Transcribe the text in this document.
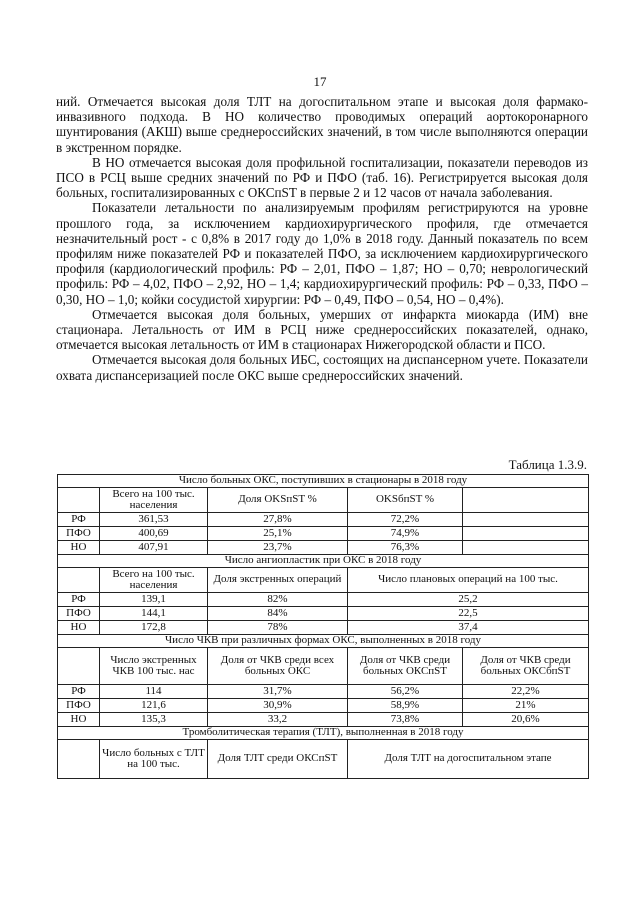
17

ний. Отмечается высокая доля ТЛТ на догоспитальном этапе и высокая доля фармако-инвазивного подхода. В НО количество проводимых операций аортокоронарного шунтирования (АКШ) выше среднероссийских значений, в том числе выполняются операции в экстренном порядке.

В НО отмечается высокая доля профильной госпитализации, показатели переводов из ПСО в РСЦ выше средних значений по РФ и ПФО (таб. 16). Регистрируется высокая доля больных, госпитализированных с ОКСпST в первые 2 и 12 часов от начала заболевания.

Показатели летальности по анализируемым профилям регистрируются на уровне прошлого года, за исключением кардиохирургического профиля, где отмечается незначительный рост - с 0,8% в 2017 году до 1,0% в 2018 году. Данный показатель по всем профилям ниже показателей РФ и показателей ПФО, за исключением кардиохирургического профиля (кардиологический профиль: РФ – 2,01, ПФО – 1,87; НО – 0,70; неврологический профиль: РФ – 4,02, ПФО – 2,92, НО – 1,4; кардиохирургический профиль: РФ – 0,33, ПФО – 0,30, НО – 1,0; койки сосудистой хирургии: РФ – 0,49, ПФО – 0,54, НО – 0,4%).

Отмечается высокая доля больных, умерших от инфаркта миокарда (ИМ) вне стационара. Летальность от ИМ в РСЦ ниже среднероссийских показателей, однако, отмечается высокая летальность от ИМ в стационарах Нижегородской области и ПСО.

Отмечается высокая доля больных ИБС, состоящих на диспансерном учете. Показатели охвата диспансеризацией после ОКС выше среднероссийских значений.

Таблица 1.3.9.
Число больных ОКС, поступивших в стационары в 2018 году				
	Всего на 100 тыс. населения	Доля OKSпST %	OKSбпST %	
РФ	361,53	27,8%	72,2%	
ПФО	400,69	25,1%	74,9%	
НО	407,91	23,7%	76,3%	
Число ангиопластик при ОКС в 2018 году				
	Всего на 100 тыс. населения	Доля экстренных операций	Число плановых операций на 100 тыс.	
РФ	139,1	82%	25,2	
ПФО	144,1	84%	22,5	
НО	172,8	78%	37,4	
Число ЧКВ при различных формах ОКС, выполненных в 2018 году				
	Число экстренных ЧКВ 100 тыс. нас	Доля от ЧКВ среди всех больных ОКС	Доля от ЧКВ среди больных ОКСпST	Доля от ЧКВ среди больных ОКСбпST
РФ	114	31,7%	56,2%	22,2%
ПФО	121,6	30,9%	58,9%	21%
НО	135,3	33,2	73,8%	20,6%
Тромболитическая терапия (ТЛТ), выполненная в 2018 году				
	Число больных с ТЛТ на 100 тыс.	Доля ТЛТ среди ОКСпST	Доля ТЛТ на догоспитальном этапе	
